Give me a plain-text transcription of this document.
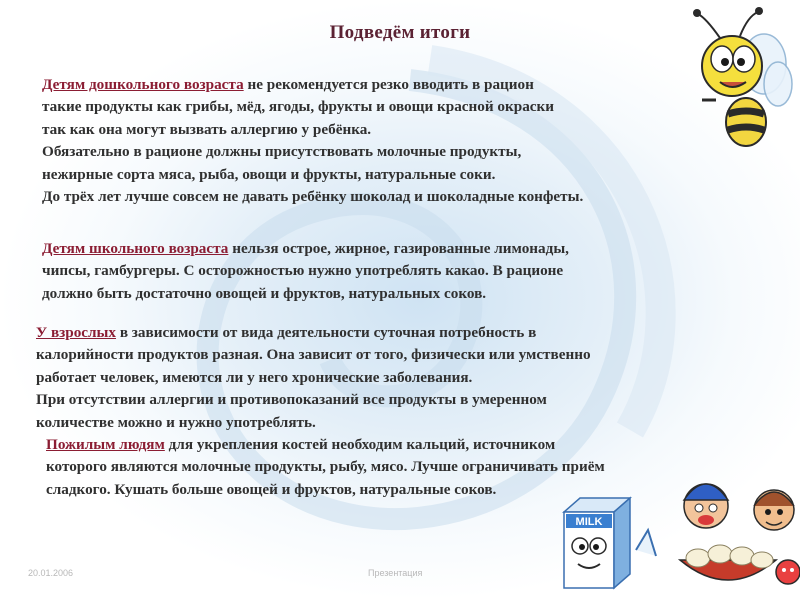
Подведём итоги
Детям дошкольного возраста не рекомендуется резко вводить в рацион
такие продукты как грибы, мёд, ягоды, фрукты и овощи красной окраски
так как она могут вызвать аллергию у ребёнка.
Обязательно в рационе должны присутствовать молочные продукты,
нежирные сорта мяса, рыба, овощи и фрукты, натуральные соки.
До трёх лет лучше совсем не давать ребёнку шоколад и шоколадные конфеты.
Детям школьного возраста нельзя острое, жирное, газированные лимонады,
чипсы, гамбургеры. С осторожностью нужно употреблять какао. В рационе
должно быть достаточно овощей и фруктов, натуральных соков.
У взрослых в зависимости от вида деятельности суточная потребность в
калорийности продуктов разная. Она зависит от того, физически или умственно
работает человек, имеются ли у него хронические заболевания.
При отсутствии аллергии и противопоказаний все продукты в умеренном
количестве можно и нужно употреблять.
Пожилым людям для укрепления костей необходим кальций, источником
которого являются молочные продукты, рыбу, мясо. Лучше ограничивать приём
сладкого. Кушать больше овощей и фруктов, натуральные соков.
MILK
20.01.2006	Презентация
